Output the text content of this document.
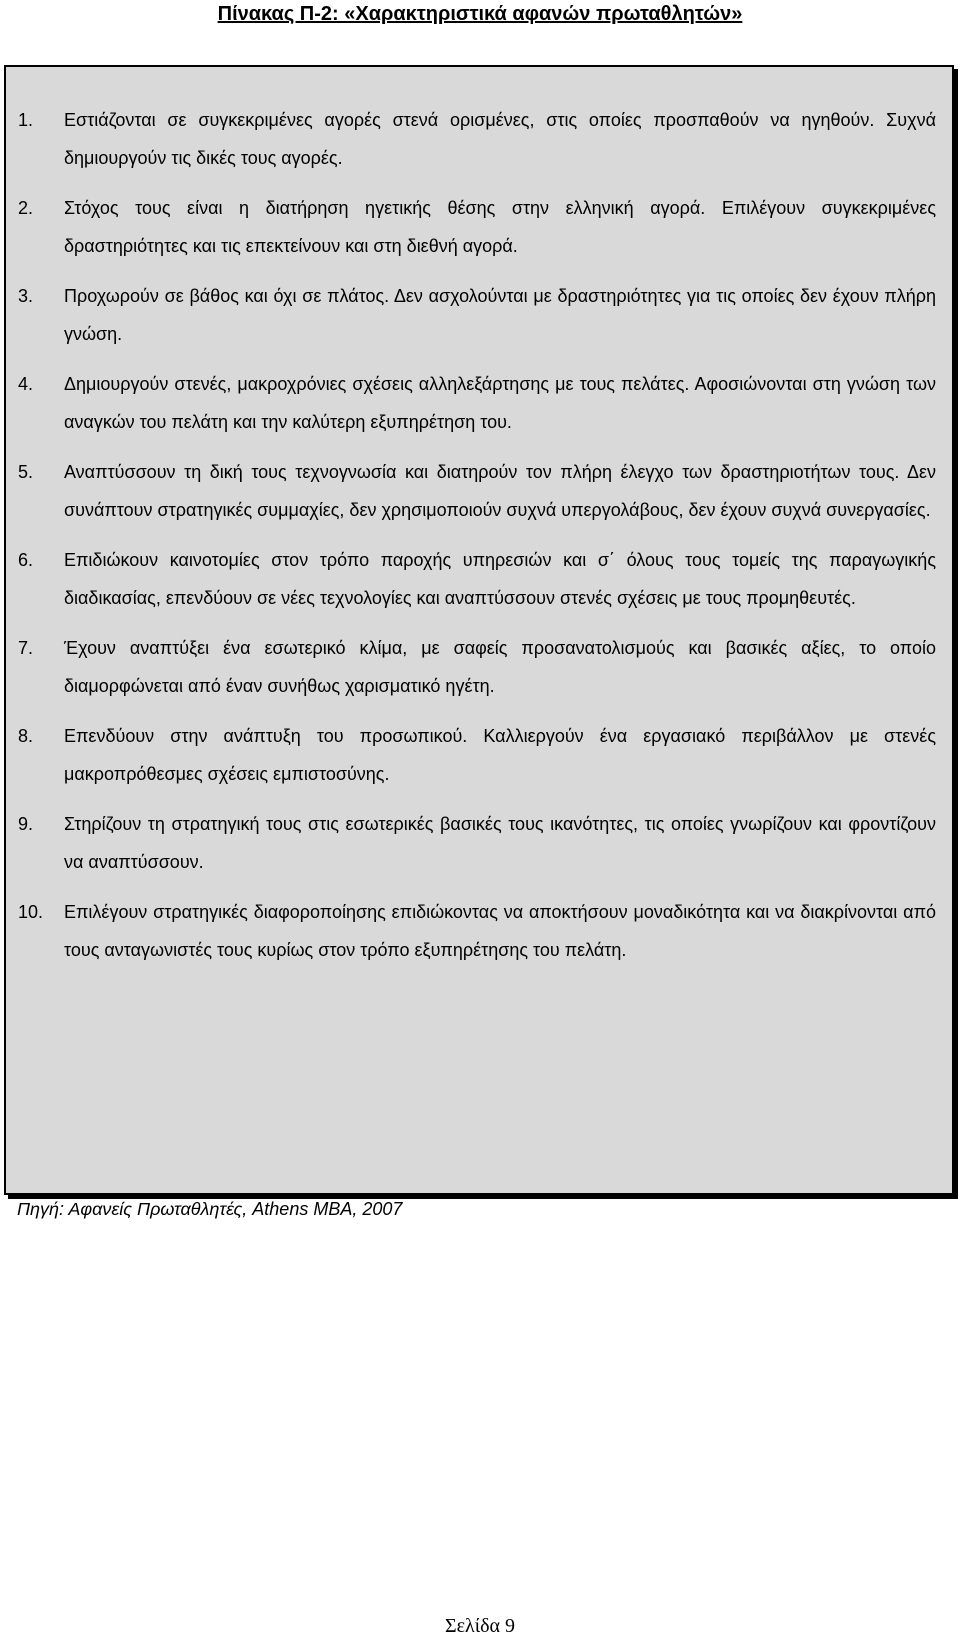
Πίνακας Π-2: «Χαρακτηριστικά αφανών πρωταθλητών»
1. Εστιάζονται σε συγκεκριμένες αγορές στενά ορισμένες, στις οποίες προσπαθούν να ηγηθούν. Συχνά δημιουργούν τις δικές τους αγορές.
2. Στόχος τους είναι η διατήρηση ηγετικής θέσης στην ελληνική αγορά. Επιλέγουν συγκεκριμένες δραστηριότητες και τις επεκτείνουν και στη διεθνή αγορά.
3. Προχωρούν σε βάθος και όχι σε πλάτος. Δεν ασχολούνται με δραστηριότητες για τις οποίες δεν έχουν πλήρη γνώση.
4. Δημιουργούν στενές, μακροχρόνιες σχέσεις αλληλεξάρτησης με τους πελάτες. Αφοσιώνονται στη γνώση των αναγκών του πελάτη και την καλύτερη εξυπηρέτηση του.
5. Αναπτύσσουν τη δική τους τεχνογνωσία και διατηρούν τον πλήρη έλεγχο των δραστηριοτήτων τους. Δεν συνάπτουν στρατηγικές συμμαχίες, δεν χρησιμοποιούν συχνά υπεργολάβους, δεν έχουν συχνά συνεργασίες.
6. Επιδιώκουν καινοτομίες στον τρόπο παροχής υπηρεσιών και σ΄ όλους τους τομείς της παραγωγικής διαδικασίας, επενδύουν σε νέες τεχνολογίες και αναπτύσσουν στενές σχέσεις με τους προμηθευτές.
7. Έχουν αναπτύξει ένα εσωτερικό κλίμα, με σαφείς προσανατολισμούς και βασικές αξίες, το οποίο διαμορφώνεται από έναν συνήθως χαρισματικό ηγέτη.
8. Επενδύουν στην ανάπτυξη του προσωπικού. Καλλιεργούν ένα εργασιακό περιβάλλον με στενές μακροπρόθεσμες σχέσεις εμπιστοσύνης.
9. Στηρίζουν τη στρατηγική τους στις εσωτερικές βασικές τους ικανότητες, τις οποίες γνωρίζουν και φροντίζουν να αναπτύσσουν.
10. Επιλέγουν στρατηγικές διαφοροποίησης επιδιώκοντας να αποκτήσουν μοναδικότητα και να διακρίνονται από τους ανταγωνιστές τους κυρίως στον τρόπο εξυπηρέτησης του πελάτη.
Πηγή: Αφανείς Πρωταθλητές, Athens MBA, 2007
Σελίδα 9
